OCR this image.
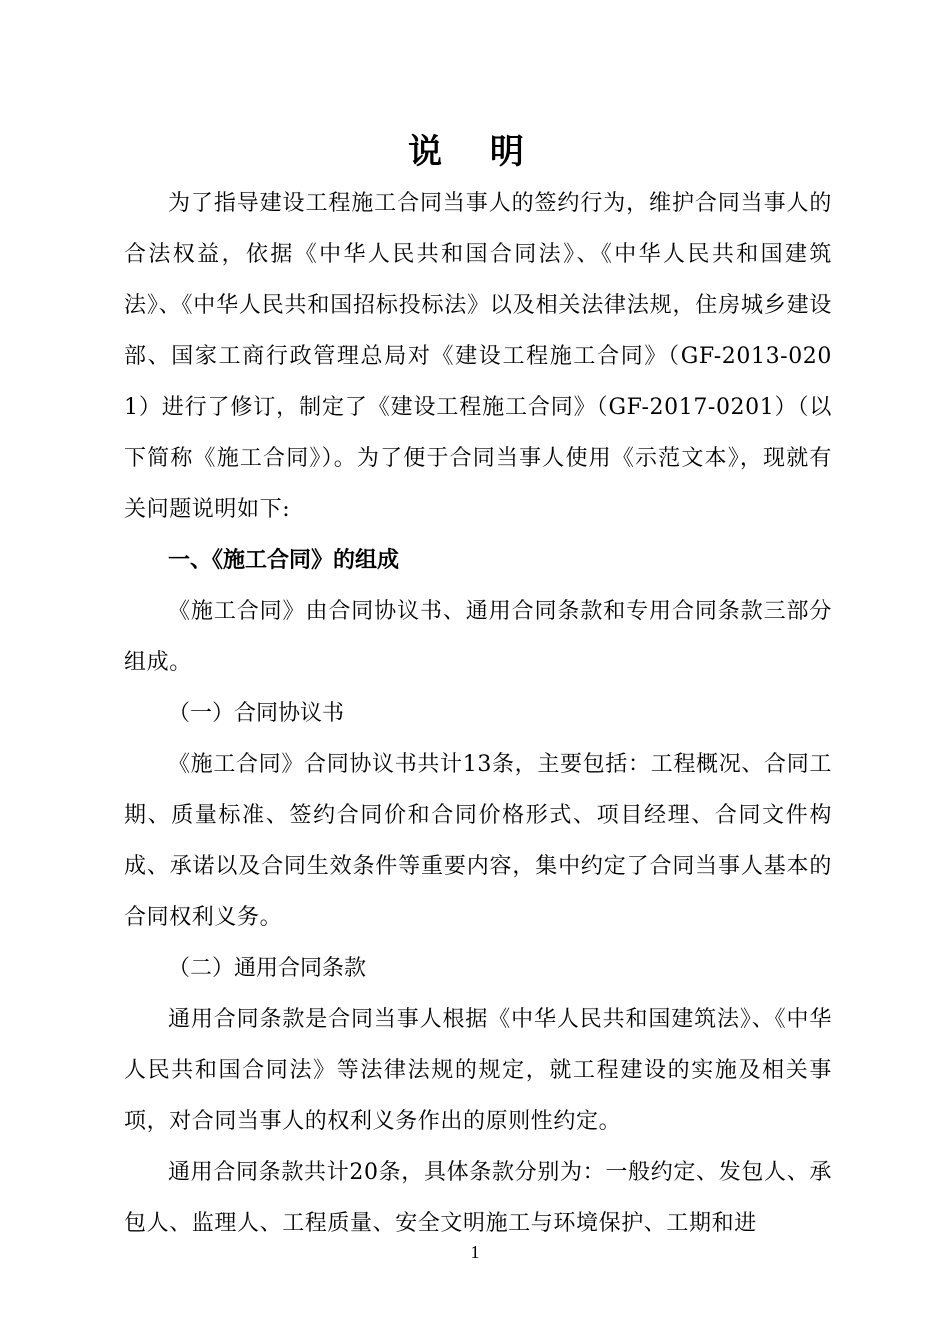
说 明

为了指导建设工程施工合同当事人的签约行为，维护合同当事人的合法权益，依据《中华人民共和国合同法》、《中华人民共和国建筑法》、《中华人民共和国招标投标法》以及相关法律法规，住房城乡建设部、国家工商行政管理总局对《建设工程施工合同》（GF-2013-0201）进行了修订，制定了《建设工程施工合同》（GF-2017-0201）（以下简称《施工合同》）。为了便于合同当事人使用《示范文本》，现就有关问题说明如下:

一、《施工合同》的组成

《施工合同》由合同协议书、通用合同条款和专用合同条款三部分组成。

（一）合同协议书

《施工合同》合同协议书共计13条，主要包括：工程概况、合同工期、质量标准、签约合同价和合同价格形式、项目经理、合同文件构成、承诺以及合同生效条件等重要内容，集中约定了合同当事人基本的合同权利义务。

（二）通用合同条款

通用合同条款是合同当事人根据《中华人民共和国建筑法》、《中华人民共和国合同法》等法律法规的规定，就工程建设的实施及相关事项，对合同当事人的权利义务作出的原则性约定。

通用合同条款共计20条，具体条款分别为：一般约定、发包人、承包人、监理人、工程质量、安全文明施工与环境保护、工期和进

1
